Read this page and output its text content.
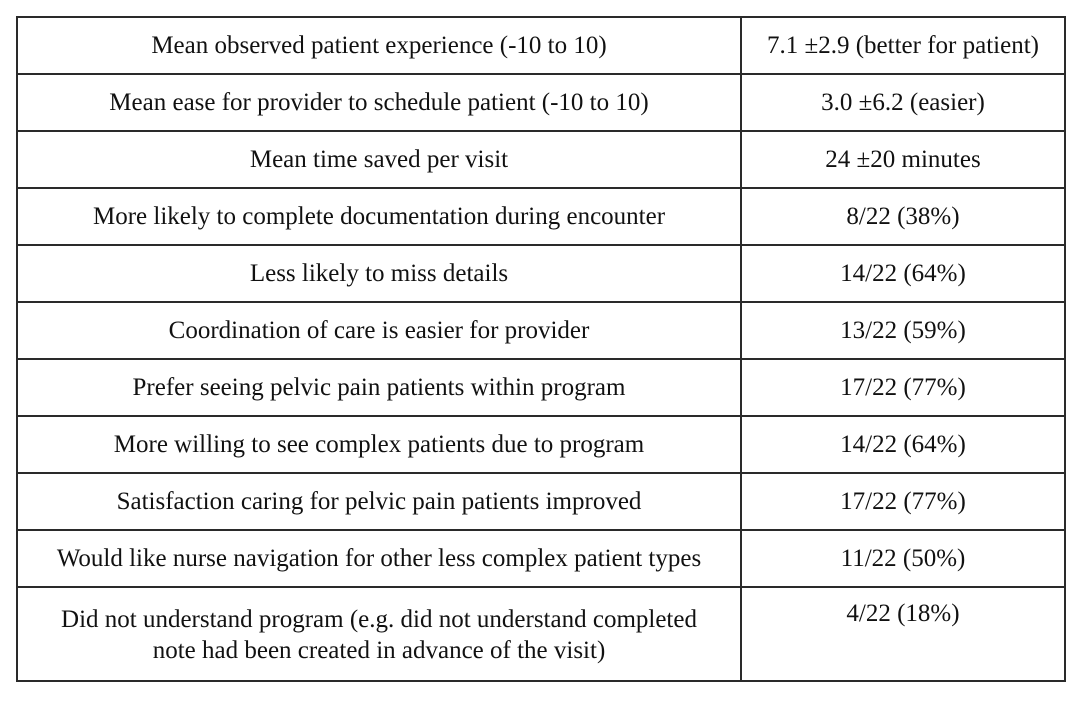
Mean observed patient experience (-10 to 10)	7.1 ±2.9 (better for patient)
Mean ease for provider to schedule patient (-10 to 10)	3.0 ±6.2 (easier)
Mean time saved per visit	24 ±20 minutes
More likely to complete documentation during encounter	8/22 (38%)
Less likely to miss details	14/22 (64%)
Coordination of care is easier for provider	13/22 (59%)
Prefer seeing pelvic pain patients within program	17/22 (77%)
More willing to see complex patients due to program	14/22 (64%)
Satisfaction caring for pelvic pain patients improved	17/22 (77%)
Would like nurse navigation for other less complex patient types	11/22 (50%)
Did not understand program (e.g. did not understand completed
note had been created in advance of the visit)	4/22 (18%)
